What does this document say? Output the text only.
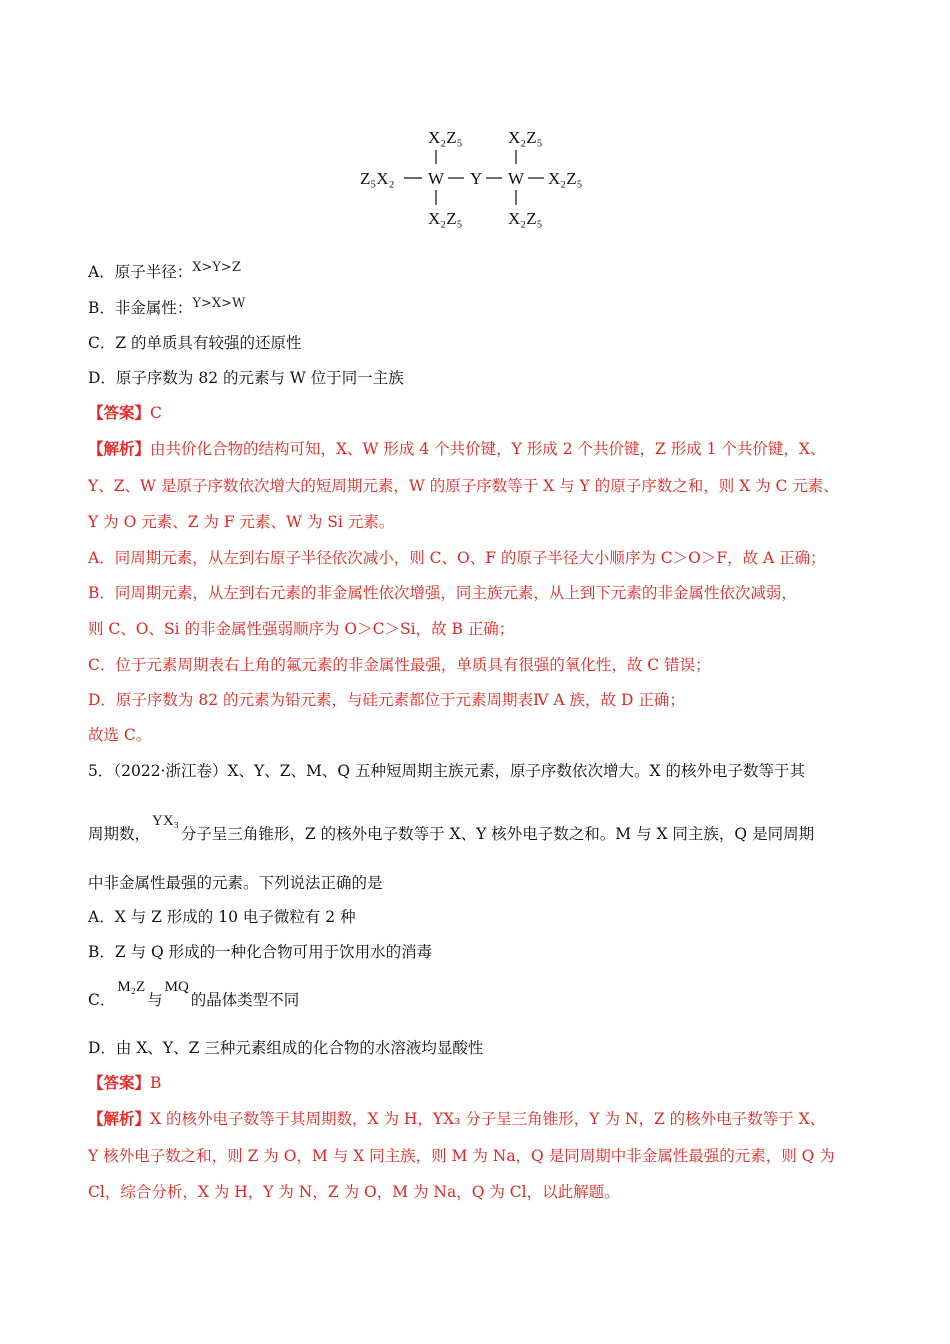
X₂Z₅	X₂Z₅
Z₅X₂ W Y W X₂Z₅
X₂Z₅	X₂Z₅
A．原子半径：$^{X>Y>Z}$
B．非金属性：$^{Y>X>W}$
C．Z 的单质具有较强的还原性
D．原子序数为 82 的元素与 W 位于同一主族
【答案】C
【解析】由共价化合物的结构可知，X、W 形成 4 个共价键，Y 形成 2 个共价键，Z 形成 1 个共价键，X、
Y、Z、W 是原子序数依次增大的短周期元素，W 的原子序数等于 X 与 Y 的原子序数之和，则 X 为 C 元素、
Y 为 O 元素、Z 为 F 元素、W 为 Si 元素。
A．同周期元素，从左到右原子半径依次减小，则 C、O、F 的原子半径大小顺序为 C＞O＞F，故 A 正确；
B．同周期元素，从左到右元素的非金属性依次增强，同主族元素，从上到下元素的非金属性依次减弱，
则 C、O、Si 的非金属性强弱顺序为 O＞C＞Si，故 B 正确；
C．位于元素周期表右上角的氟元素的非金属性最强，单质具有很强的氧化性，故 C 错误；
D．原子序数为 82 的元素为铅元素，与硅元素都位于元素周期表Ⅳ A 族，故 D 正确；
故选 C。
5．（2022·浙江卷）X、Y、Z、M、Q 五种短周期主族元素，原子序数依次增大。X 的核外电子数等于其
周期数，YX₃分子呈三角锥形，Z 的核外电子数等于 X、Y 核外电子数之和。M 与 X 同主族，Q 是同周期
中非金属性最强的元素。下列说法正确的是
A．X 与 Z 形成的 10 电子微粒有 2 种
B．Z 与 Q 形成的一种化合物可用于饮用水的消毒
C．M₂Z与MQ的晶体类型不同
D．由 X、Y、Z 三种元素组成的化合物的水溶液均显酸性
【答案】B
【解析】X 的核外电子数等于其周期数，X 为 H，YX₃ 分子呈三角锥形，Y 为 N，Z 的核外电子数等于 X、
Y 核外电子数之和，则 Z 为 O，M 与 X 同主族，则 M 为 Na，Q 是同周期中非金属性最强的元素，则 Q 为
Cl，综合分析，X 为 H，Y 为 N，Z 为 O，M 为 Na，Q 为 Cl，以此解题。
